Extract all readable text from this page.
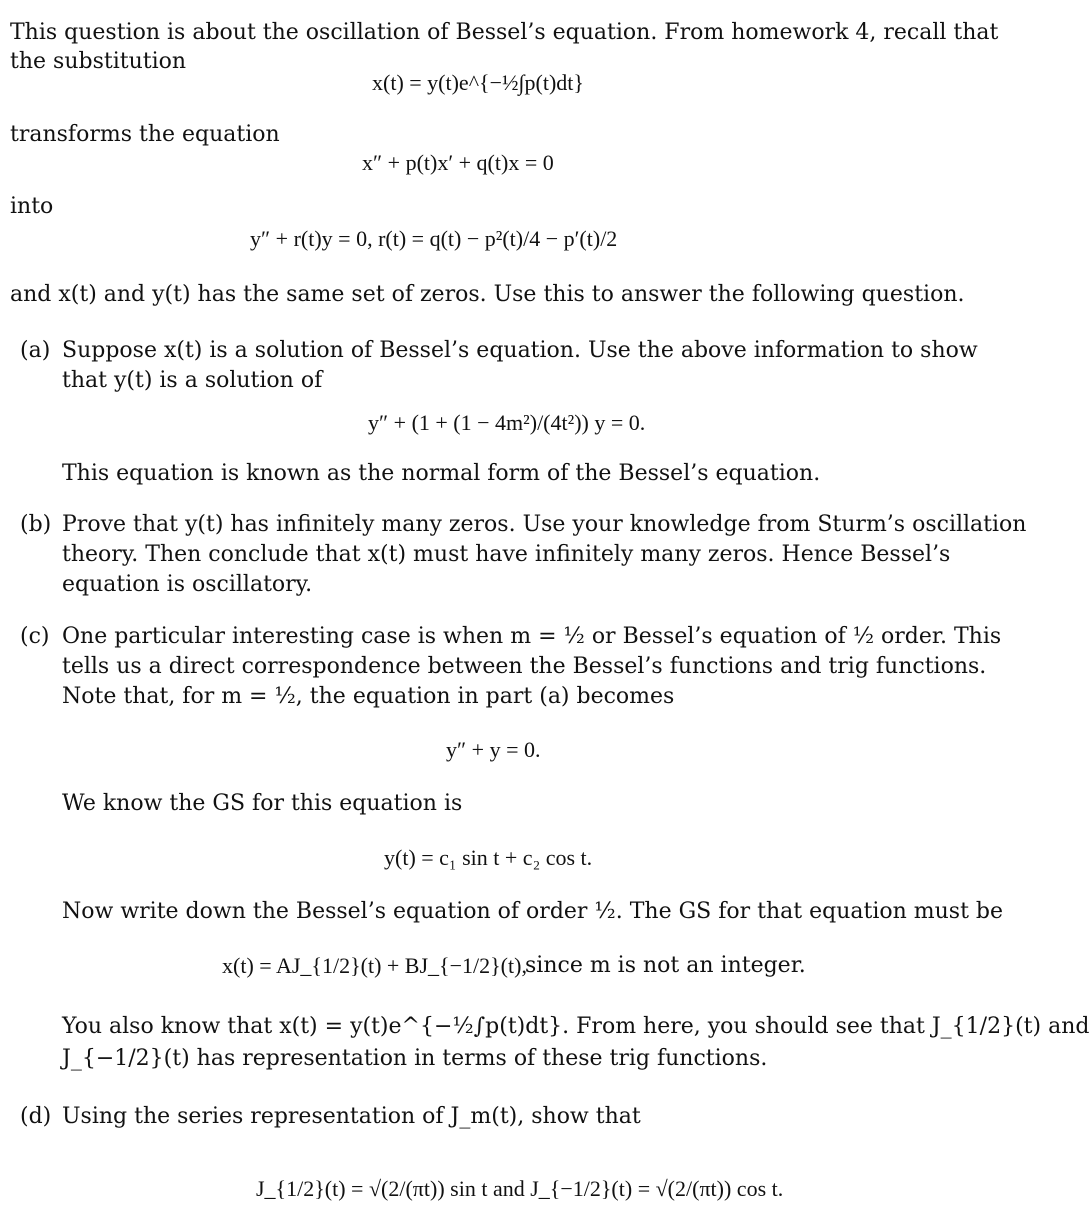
This question is about the oscillation of Bessel’s equation. From homework 4, recall that
the substitution
x(t) = y(t)e^{−½∫p(t)dt}
transforms the equation
x″ + p(t)x′ + q(t)x = 0
into
y″ + r(t)y = 0, r(t) = q(t) − p²(t)/4 − p′(t)/2
and x(t) and y(t) has the same set of zeros. Use this to answer the following question.
(a) Suppose x(t) is a solution of Bessel’s equation. Use the above information to show
that y(t) is a solution of
y″ + (1 + (1 − 4m²)/(4t²)) y = 0.
This equation is known as the normal form of the Bessel’s equation.
(b) Prove that y(t) has infinitely many zeros. Use your knowledge from Sturm’s oscillation
theory. Then conclude that x(t) must have infinitely many zeros. Hence Bessel’s
equation is oscillatory.
(c) One particular interesting case is when m = ½ or Bessel’s equation of ½ order. This
tells us a direct correspondence between the Bessel’s functions and trig functions.
Note that, for m = ½, the equation in part (a) becomes
y″ + y = 0.
We know the GS for this equation is
y(t) = c₁ sin t + c₂ cos t.
Now write down the Bessel’s equation of order ½. The GS for that equation must be
x(t) = AJ_{1/2}(t) + BJ_{−1/2}(t),
since m is not an integer.
You also know that x(t) = y(t)e^{−½∫p(t)dt}. From here, you should see that J_{1/2}(t) and
J_{−1/2}(t) has representation in terms of these trig functions.
(d) Using the series representation of J_m(t), show that
J_{1/2}(t) = √(2/(πt)) sin t and J_{−1/2}(t) = √(2/(πt)) cos t.
